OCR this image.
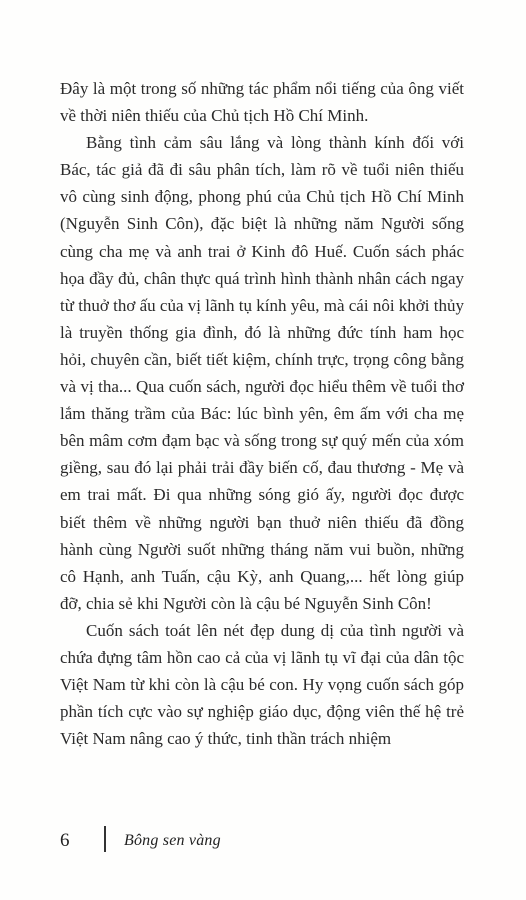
Đây là một trong số những tác phẩm nổi tiếng của ông viết về thời niên thiếu của Chủ tịch Hồ Chí Minh.

Bằng tình cảm sâu lắng và lòng thành kính đối với Bác, tác giả đã đi sâu phân tích, làm rõ về tuổi niên thiếu vô cùng sinh động, phong phú của Chủ tịch Hồ Chí Minh (Nguyễn Sinh Côn), đặc biệt là những năm Người sống cùng cha mẹ và anh trai ở Kinh đô Huế. Cuốn sách phác họa đầy đủ, chân thực quá trình hình thành nhân cách ngay từ thuở thơ ấu của vị lãnh tụ kính yêu, mà cái nôi khởi thủy là truyền thống gia đình, đó là những đức tính ham học hỏi, chuyên cần, biết tiết kiệm, chính trực, trọng công bằng và vị tha... Qua cuốn sách, người đọc hiểu thêm về tuổi thơ lắm thăng trầm của Bác: lúc bình yên, êm ấm với cha mẹ bên mâm cơm đạm bạc và sống trong sự quý mến của xóm giềng, sau đó lại phải trải đầy biến cố, đau thương - Mẹ và em trai mất. Đi qua những sóng gió ấy, người đọc được biết thêm về những người bạn thuở niên thiếu đã đồng hành cùng Người suốt những tháng năm vui buồn, những cô Hạnh, anh Tuấn, cậu Kỳ, anh Quang,... hết lòng giúp đỡ, chia sẻ khi Người còn là cậu bé Nguyễn Sinh Côn!

Cuốn sách toát lên nét đẹp dung dị của tình người và chứa đựng tâm hồn cao cả của vị lãnh tụ vĩ đại của dân tộc Việt Nam từ khi còn là cậu bé con. Hy vọng cuốn sách góp phần tích cực vào sự nghiệp giáo dục, động viên thế hệ trẻ Việt Nam nâng cao ý thức, tinh thần trách nhiệm

6	Bông sen vàng
